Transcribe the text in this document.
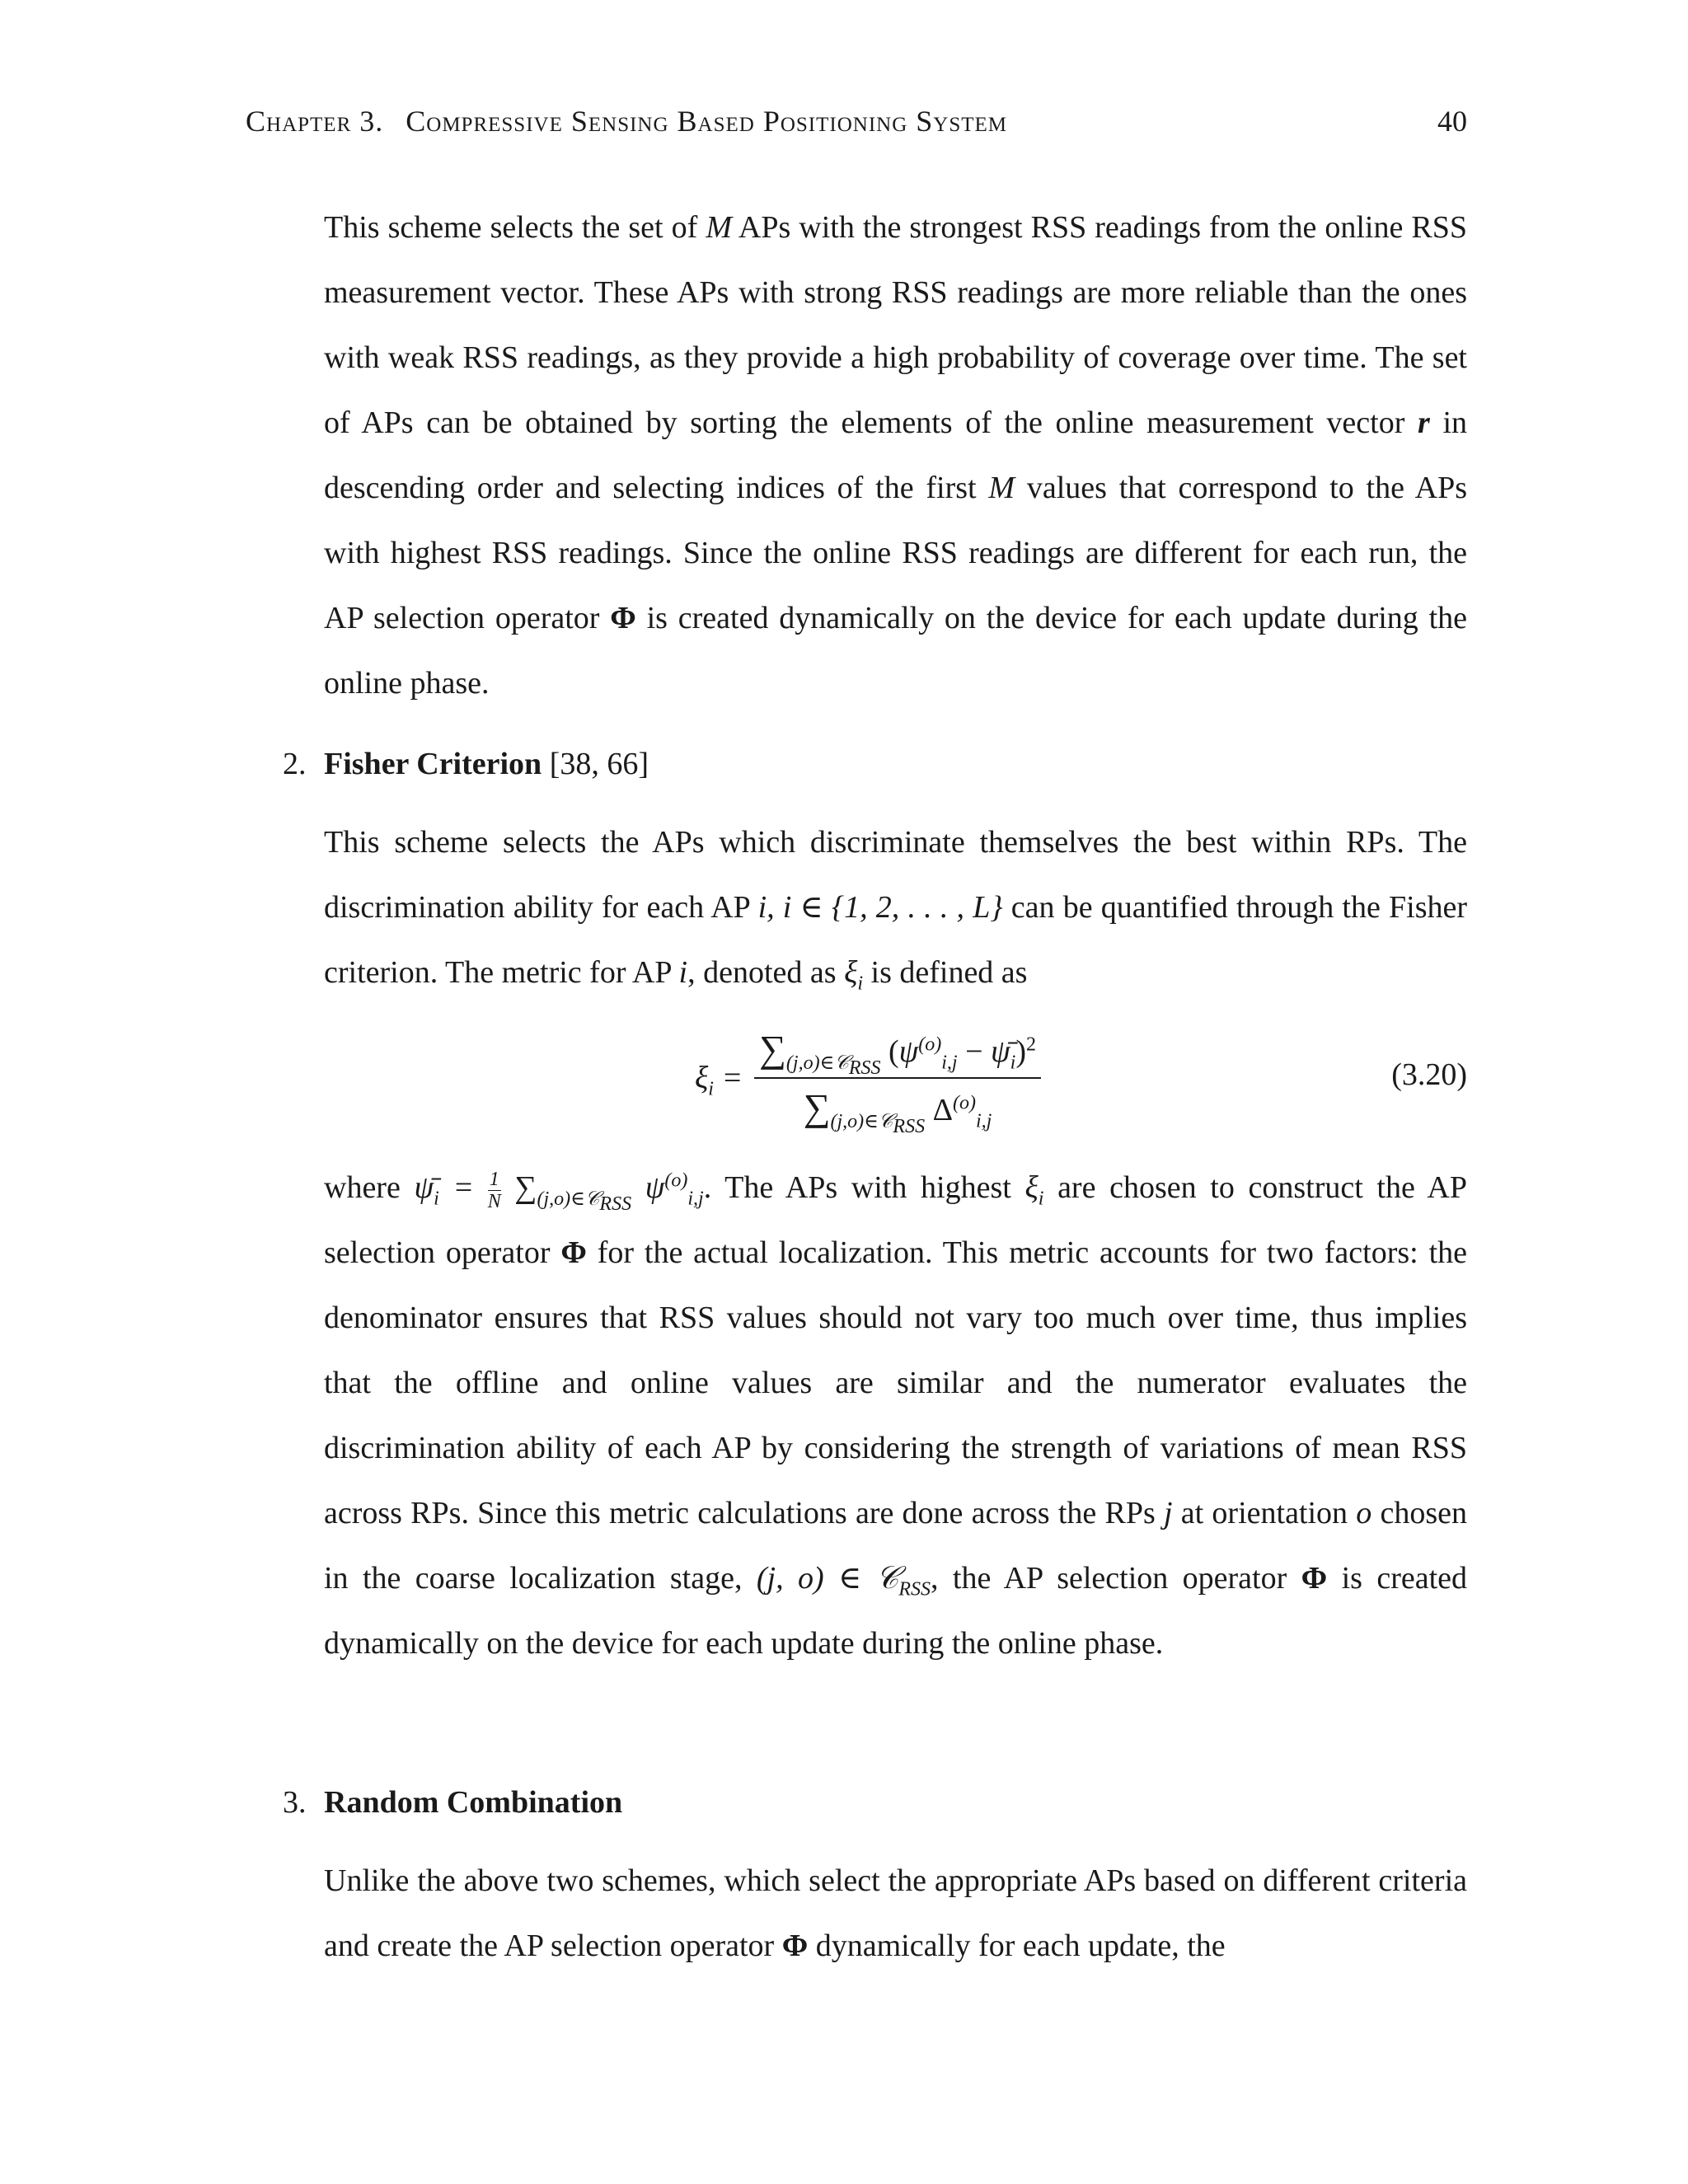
Chapter 3. Compressive Sensing Based Positioning System	40

This scheme selects the set of M APs with the strongest RSS readings from the online RSS measurement vector. These APs with strong RSS readings are more reliable than the ones with weak RSS readings, as they provide a high probability of coverage over time. The set of APs can be obtained by sorting the elements of the online measurement vector r in descending order and selecting indices of the first M values that correspond to the APs with highest RSS readings. Since the online RSS readings are different for each run, the AP selection operator Φ is created dynamically on the device for each update during the online phase.

2. Fisher Criterion [38, 66]

This scheme selects the APs which discriminate themselves the best within RPs. The discrimination ability for each AP i, i ∈ {1, 2, . . . , L} can be quantified through the Fisher criterion. The metric for AP i, denoted as $\xi_i$ is defined as

$\xi_i = \frac{\sum_{(j,o)\in 𝒞_{RSS}} (\psi^{(o)}_{i,j} - \psī_i)^2}{\sum_{(j,o)\in 𝒞_{RSS}} \Delta^{(o)}_{i,j}}$	(3.20)

where $\psī_i = \frac{1}{N} \sum_{(j,o)\in 𝒞_{RSS}}$ $\psi^{(o)}_{i,j}$. The APs with highest $\xi_i$ are chosen to construct the AP selection operator Φ for the actual localization. This metric accounts for two factors: the denominator ensures that RSS values should not vary too much over time, thus implies that the offline and online values are similar and the numerator evaluates the discrimination ability of each AP by considering the strength of variations of mean RSS across RPs. Since this metric calculations are done across the RPs j at orientation o chosen in the coarse localization stage, (j, o) ∈ 𝒞$_{RSS}$, the AP selection operator Φ is created dynamically on the device for each update during the online phase.

3. Random Combination

Unlike the above two schemes, which select the appropriate APs based on different criteria and create the AP selection operator Φ dynamically for each update, the
